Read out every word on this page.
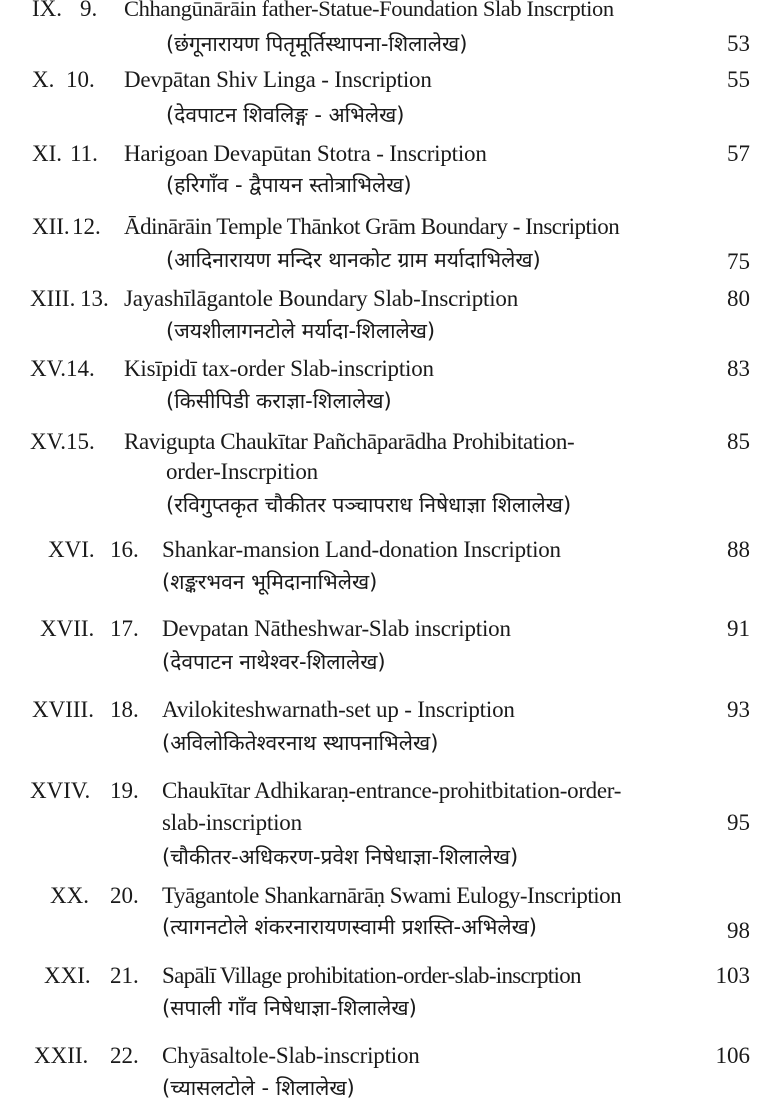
IX. 9. Chhangūnārāin father-Statue-Foundation Slab Inscrption
(छंगूनारायण पितृमूर्तिस्थापना-शिलालेख)	53
X. 10. Devpātan Shiv Linga - Inscription	55
(देवपाटन शिवलिङ्ग - अभिलेख)
XI. 11. Harigoan Devapūtan Stotra - Inscription	57
(हरिगाँव - द्वैपायन स्तोत्राभिलेख)
XII. 12. Ādinārāin Temple Thānkot Grām Boundary - Inscription
(आदिनारायण मन्दिर थानकोट ग्राम मर्यादाभिलेख)	75
XIII. 13. Jayashīlāgantole Boundary Slab-Inscription	80
(जयशीलागनटोले मर्यादा-शिलालेख)
XV. 14. Kisīpidī tax-order Slab-inscription	83
(किसीपिडी कराज्ञा-शिलालेख)
XV. 15. Ravigupta Chaukītar Pañchāparādha Prohibitation-	85
order-Inscrpition
(रविगुप्तकृत चौकीतर पञ्चापराध निषेधाज्ञा शिलालेख)
XVI. 16. Shankar-mansion Land-donation Inscription	88
(शङ्करभवन भूमिदानाभिलेख)
XVII. 17. Devpatan Nātheshwar-Slab inscription	91
(देवपाटन नाथेश्वर-शिलालेख)
XVIII. 18. Avilokiteshwarnath-set up - Inscription	93
(अविलोकितेश्वरनाथ स्थापनाभिलेख)
XVIV. 19. Chaukītar Adhikaraṇ-entrance-prohitbitation-order-
slab-inscription	95
(चौकीतर-अधिकरण-प्रवेश निषेधाज्ञा-शिलालेख)
XX. 20. Tyāgantole Shankarnārāṇ Swami Eulogy-Inscription
(त्यागनटोले शंकरनारायणस्वामी प्रशस्ति-अभिलेख)	98
XXI. 21. Sapālī Village prohibitation-order-slab-inscrption	103
(सपाली गाँव निषेधाज्ञा-शिलालेख)
XXII. 22. Chyāsaltole-Slab-inscription	106
(च्यासलटोले - शिलालेख)
